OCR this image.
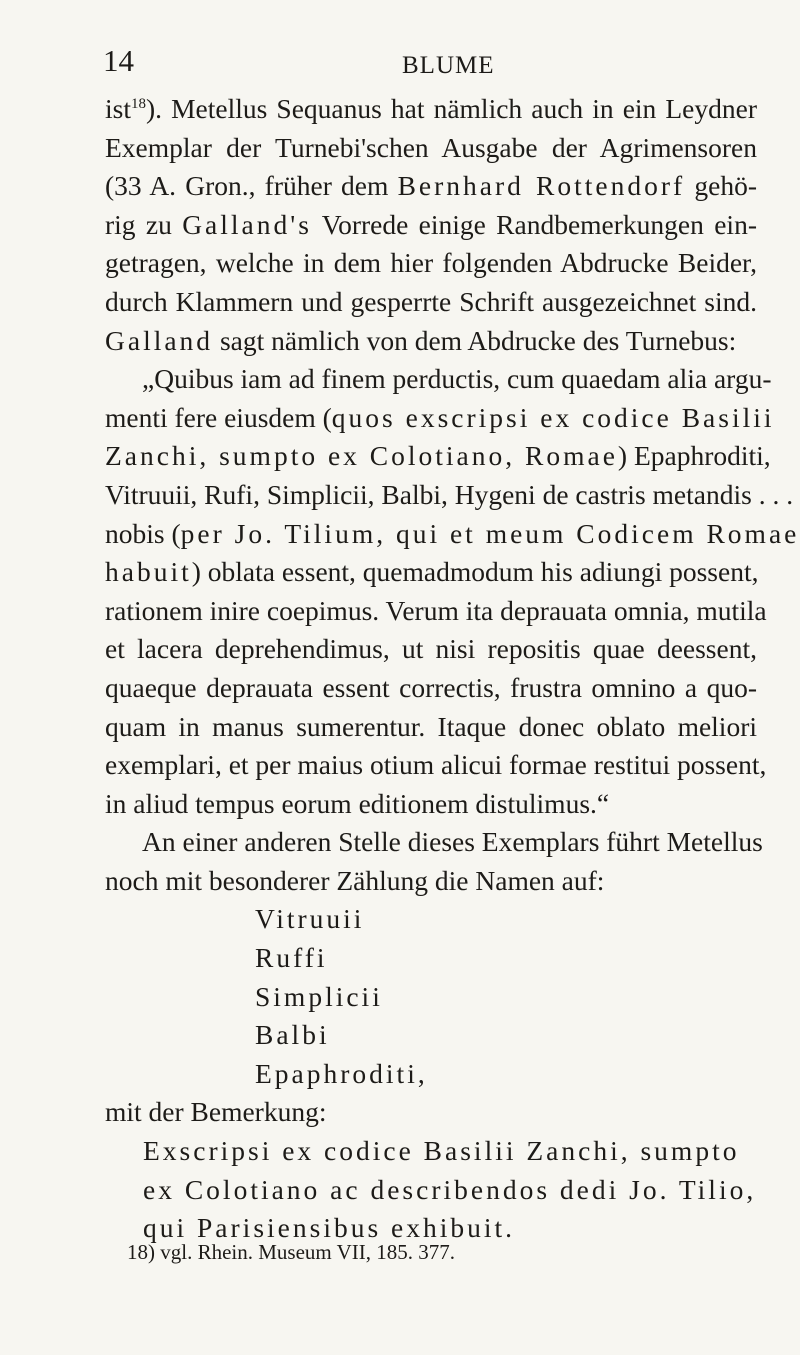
14	BLUME
ist$^{18}$). Metellus Sequanus hat nämlich auch in ein Leydner
Exemplar der Turnebi'schen Ausgabe der Agrimensoren
(33 A. Gron., früher dem Bernhard Rottendorf gehö-
rig zu Galland's Vorrede einige Randbemerkungen ein-
getragen, welche in dem hier folgenden Abdrucke Beider,
durch Klammern und gesperrte Schrift ausgezeichnet sind.
Galland sagt nämlich von dem Abdrucke des Turnebus:
„Quibus iam ad finem perductis, cum quaedam alia argu-
menti fere eiusdem (quos exscripsi ex codice Basilii
Zanchi, sumpto ex Colotiano, Romae) Epaphroditi,
Vitruuii, Rufi, Simplicii, Balbi, Hygeni de castris metandis . . .
nobis (per Jo. Tilium, qui et meum Codicem Romae
habuit) oblata essent, quemadmodum his adiungi possent,
rationem inire coepimus. Verum ita deprauata omnia, mutila
et lacera deprehendimus, ut nisi repositis quae deessent,
quaeque deprauata essent correctis, frustra omnino a quo-
quam in manus sumerentur. Itaque donec oblato meliori
exemplari, et per maius otium alicui formae restitui possent,
in aliud tempus eorum editionem distulimus.“
An einer anderen Stelle dieses Exemplars führt Metellus
noch mit besonderer Zählung die Namen auf:
Vitruuii
Ruffi
Simplicii
Balbi
Epaphroditi,
mit der Bemerkung:
Exscripsi ex codice Basilii Zanchi, sumpto
ex Colotiano ac describendos dedi Jo. Tilio,
qui Parisiensibus exhibuit.
18) vgl. Rhein. Museum VII, 185. 377.
